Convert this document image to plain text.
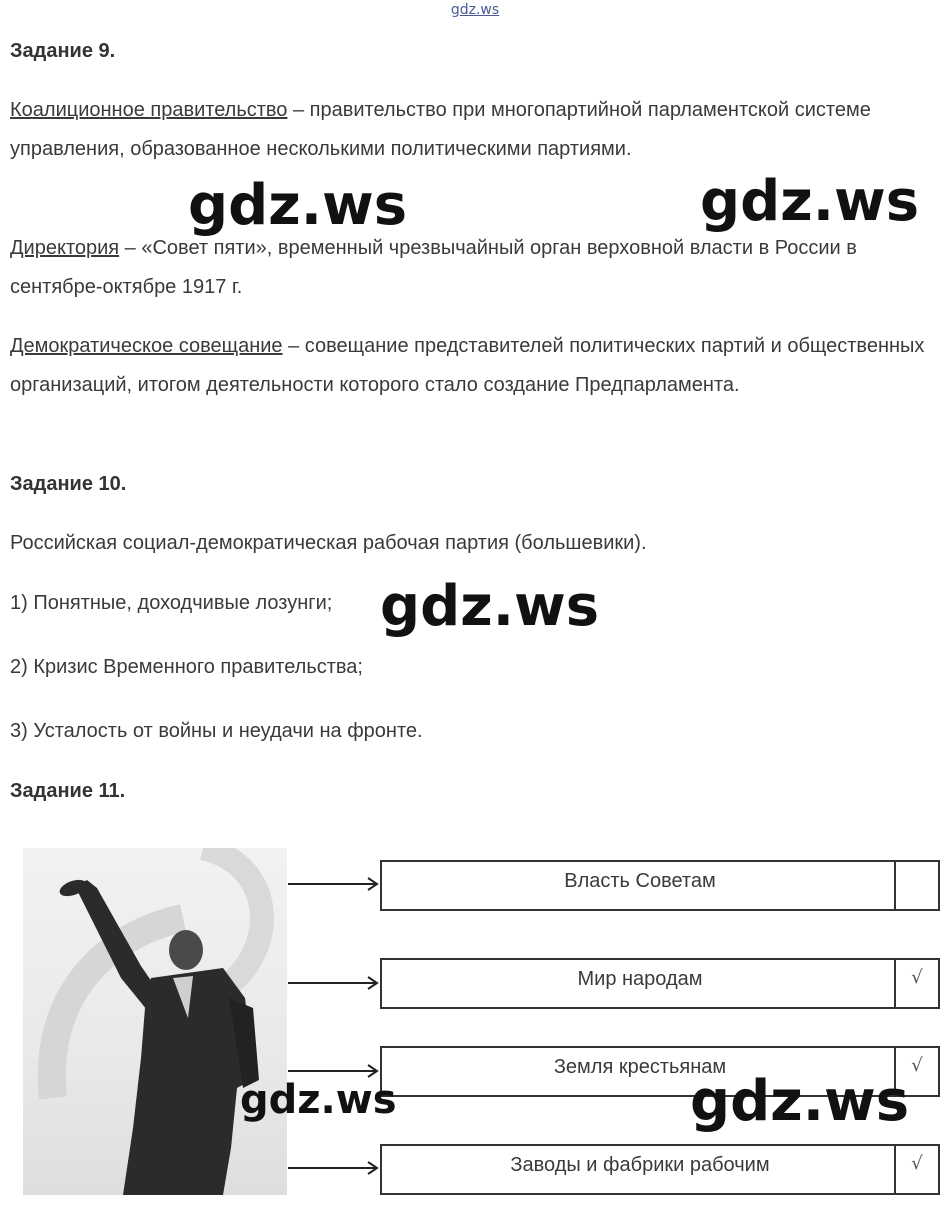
gdz.ws
Задание 9.
Коалиционное правительство – правительство при многопартийной парламентской системе управления, образованное несколькими политическими партиями.
Директория – «Совет пяти», временный чрезвычайный орган верховной власти в России в сентябре-октябре 1917 г.
Демократическое совещание – совещание представителей политических партий и общественных организаций, итогом деятельности которого стало создание Предпарламента.
Задание 10.
Российская социал-демократическая рабочая партия (большевики).
1) Понятные, доходчивые лозунги;
2) Кризис Временного правительства;
3) Усталость от войны и неудачи на фронте.
Задание 11.
Власть Советам
Мир народам	√
Земля крестьянам	√
Заводы и фабрики рабочим	√
gdz.ws	gdz.ws
gdz.ws
gdz.ws	gdz.ws
